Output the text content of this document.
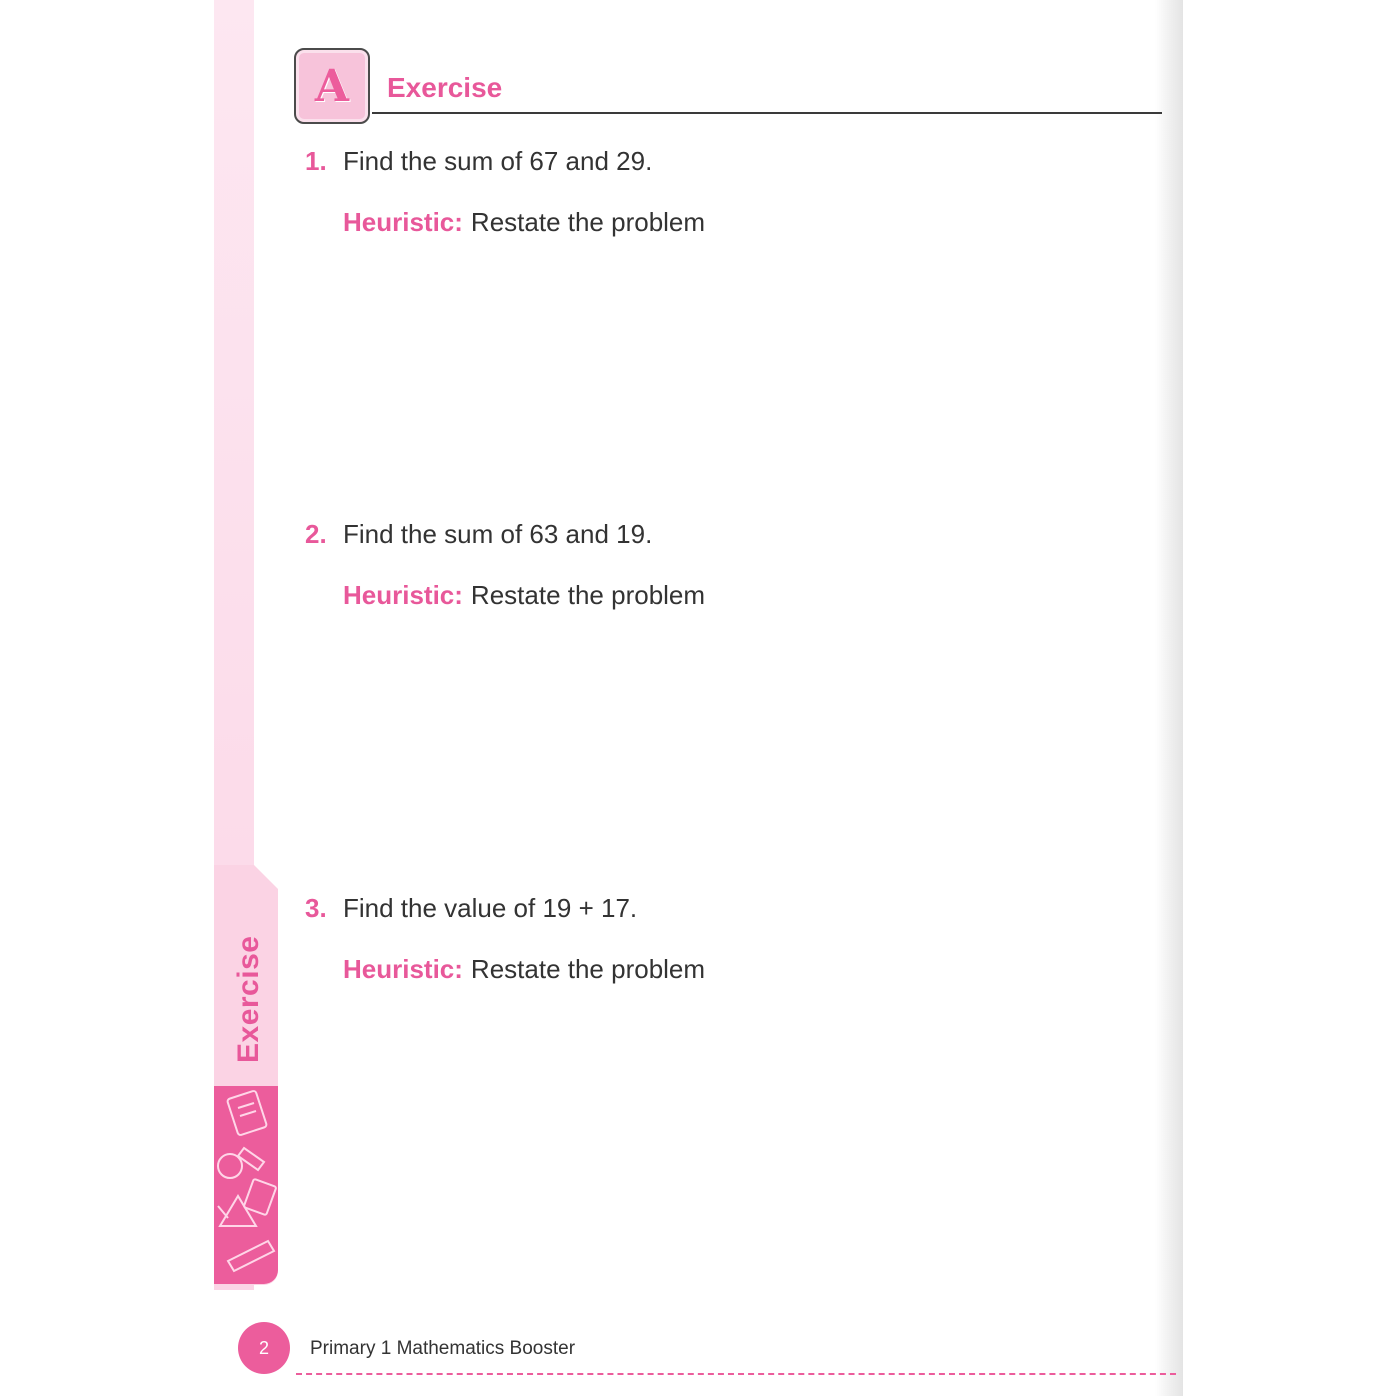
Exercise
A Exercise
1. Find the sum of 67 and 29.
Heuristic: Restate the problem
2. Find the sum of 63 and 19.
Heuristic: Restate the problem
3. Find the value of 19 + 17.
Heuristic: Restate the problem
2	Primary 1 Mathematics Booster
